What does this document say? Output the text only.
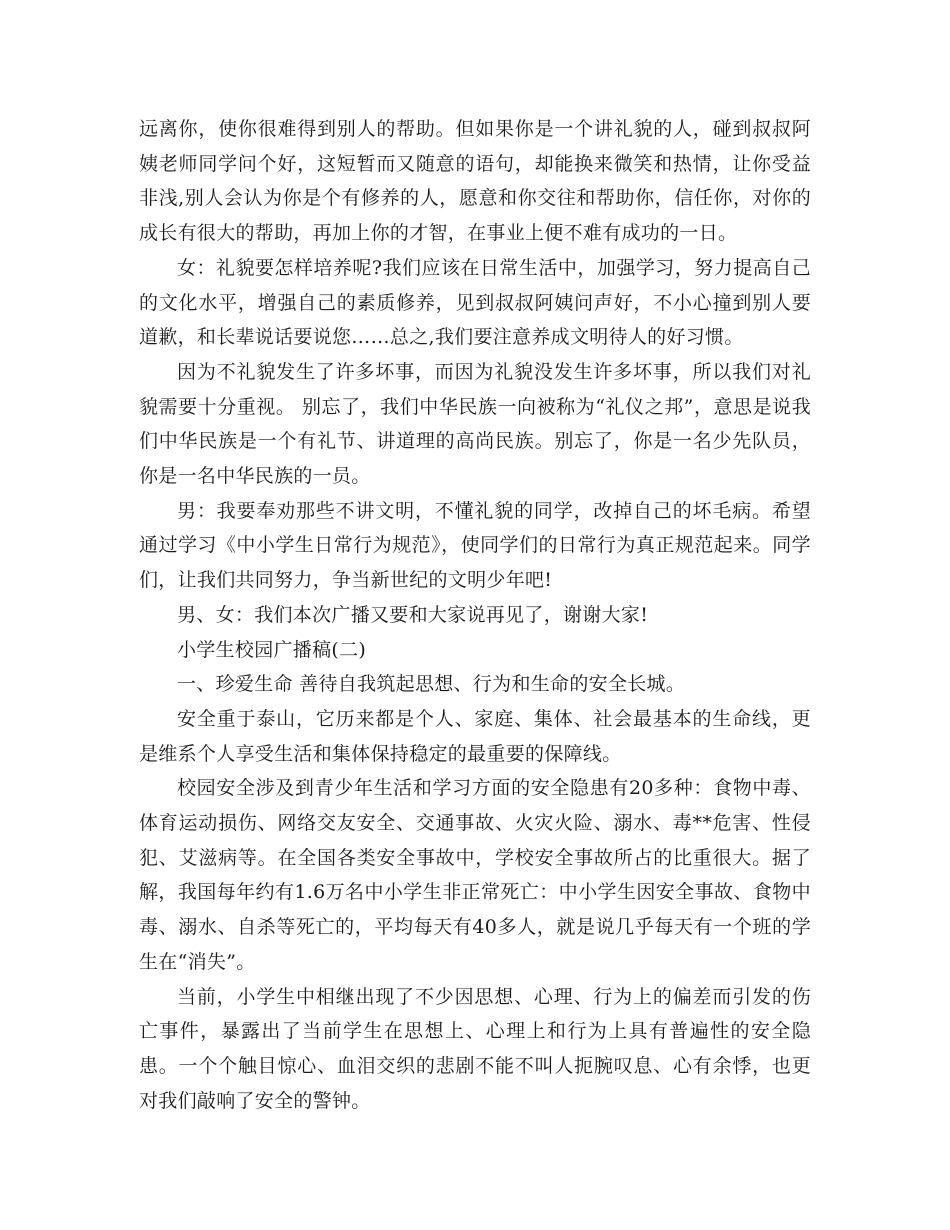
远离你，使你很难得到别人的帮助。但如果你是一个讲礼貌的人，碰到叔叔阿姨老师同学问个好，这短暂而又随意的语句，却能换来微笑和热情，让你受益非浅,别人会认为你是个有修养的人，愿意和你交往和帮助你，信任你，对你的成长有很大的帮助，再加上你的才智，在事业上便不难有成功的一日。

女：礼貌要怎样培养呢?我们应该在日常生活中，加强学习，努力提高自己的文化水平，增强自己的素质修养，见到叔叔阿姨问声好，不小心撞到别人要道歉，和长辈说话要说您……总之,我们要注意养成文明待人的好习惯。

因为不礼貌发生了许多坏事，而因为礼貌没发生许多坏事，所以我们对礼貌需要十分重视。 别忘了，我们中华民族一向被称为“礼仪之邦”，意思是说我们中华民族是一个有礼节、讲道理的高尚民族。别忘了，你是一名少先队员，你是一名中华民族的一员。

男：我要奉劝那些不讲文明，不懂礼貌的同学，改掉自己的坏毛病。希望通过学习《中小学生日常行为规范》，使同学们的日常行为真正规范起来。同学们，让我们共同努力，争当新世纪的文明少年吧!

男、女：我们本次广播又要和大家说再见了，谢谢大家!

小学生校园广播稿(二)

一、珍爱生命 善待自我筑起思想、行为和生命的安全长城。

安全重于泰山，它历来都是个人、家庭、集体、社会最基本的生命线，更是维系个人享受生活和集体保持稳定的最重要的保障线。

校园安全涉及到青少年生活和学习方面的安全隐患有20多种：食物中毒、体育运动损伤、网络交友安全、交通事故、火灾火险、溺水、毒**危害、性侵犯、艾滋病等。在全国各类安全事故中，学校安全事故所占的比重很大。据了解，我国每年约有1.6万名中小学生非正常死亡：中小学生因安全事故、食物中毒、溺水、自杀等死亡的，平均每天有40多人，就是说几乎每天有一个班的学生在“消失”。

当前，小学生中相继出现了不少因思想、心理、行为上的偏差而引发的伤亡事件，暴露出了当前学生在思想上、心理上和行为上具有普遍性的安全隐患。一个个触目惊心、血泪交织的悲剧不能不叫人扼腕叹息、心有余悸，也更对我们敲响了安全的警钟。
